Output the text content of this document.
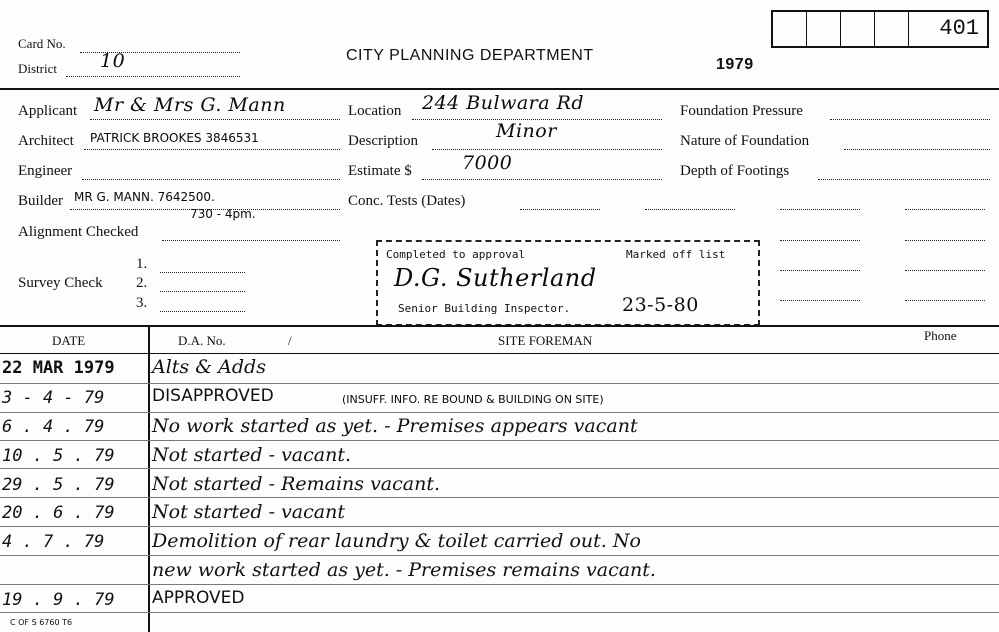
401
Card No.
District 10	CITY PLANNING DEPARTMENT
1979
Applicant Mr & Mrs G. Mann
Architect PATRICK BROOKES 3846531
Engineer
Builder MR G. MANN. 7642500.
730 - 4pm.
Alignment Checked
Survey Check
1.
2.
3.
Location 244 Bulwara Rd
Description	Minor
Estimate $	7000
Conc. Tests (Dates)
Foundation Pressure
Nature of Foundation
Depth of Footings
Completed to approval	Marked off list
D.G. Sutherland
Senior Building Inspector.	23-5-80
DATE	D.A. No.	/	SITE FOREMAN	Phone
22 MAR 1979	Alts & Adds
3 - 4 - 79	DISAPPROVED	(INSUFF. INFO. RE BOUND & BUILDING ON SITE)
6 . 4 . 79	No work started as yet. - Premises appears vacant
10 . 5 . 79	Not started - vacant.
29 . 5 . 79	Not started - Remains vacant.
20 . 6 . 79	Not started - vacant
4 . 7 . 79	Demolition of rear laundry & toilet carried out. No
new work started as yet. - Premises remains vacant.
19 . 9 . 79	APPROVED
C OF S 6760 T6
